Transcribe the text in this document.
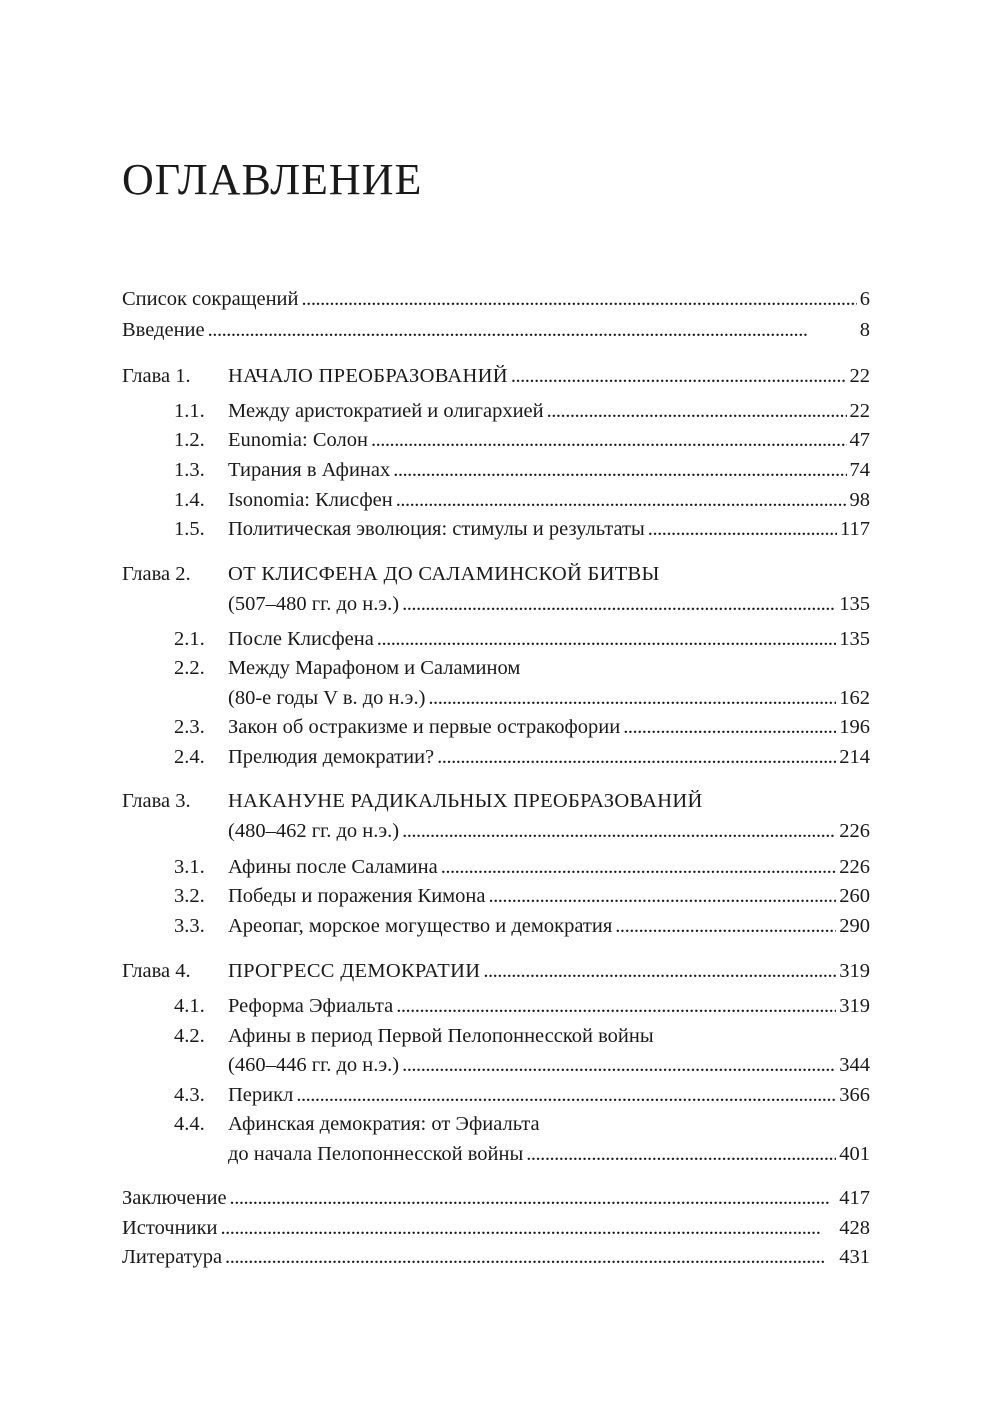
ОГЛАВЛЕНИЕ
Список сокращений . . .	6
Введение . . .	8
Глава 1. НАЧАЛО ПРЕОБРАЗОВАНИЙ . . .	22
1.1. Между аристократией и олигархией . . .	22
1.2. Eunomia: Солон . . .	47
1.3. Тирания в Афинах . . .	74
1.4. Isonomia: Клисфен . . .	98
1.5. Политическая эволюция: стимулы и результаты . . .	117
Глава 2. ОТ КЛИСФЕНА ДО САЛАМИНСКОЙ БИТВЫ
(507–480 гг. до н.э.) . . .	135
2.1. После Клисфена . . .	135
2.2. Между Марафоном и Саламином
(80-е годы V в. до н.э.) . . .	162
2.3. Закон об остракизме и первые остракофории . . .	196
2.4. Прелюдия демократии? . . .	214
Глава 3. НАКАНУНЕ РАДИКАЛЬНЫХ ПРЕОБРАЗОВАНИЙ
(480–462 гг. до н.э.) . . .	226
3.1. Афины после Саламина . . .	226
3.2. Победы и поражения Кимона . . .	260
3.3. Ареопаг, морское могущество и демократия . . .	290
Глава 4. ПРОГРЕСС ДЕМОКРАТИИ . . .	319
4.1. Реформа Эфиальта . . .	319
4.2. Афины в период Первой Пелопоннесской войны
(460–446 гг. до н.э.) . . .	344
4.3. Перикл . . .	366
4.4. Афинская демократия: от Эфиальта
до начала Пелопоннесской войны . . .	401
Заключение . . .	417
Источники . . .	428
Литература . . .	431
